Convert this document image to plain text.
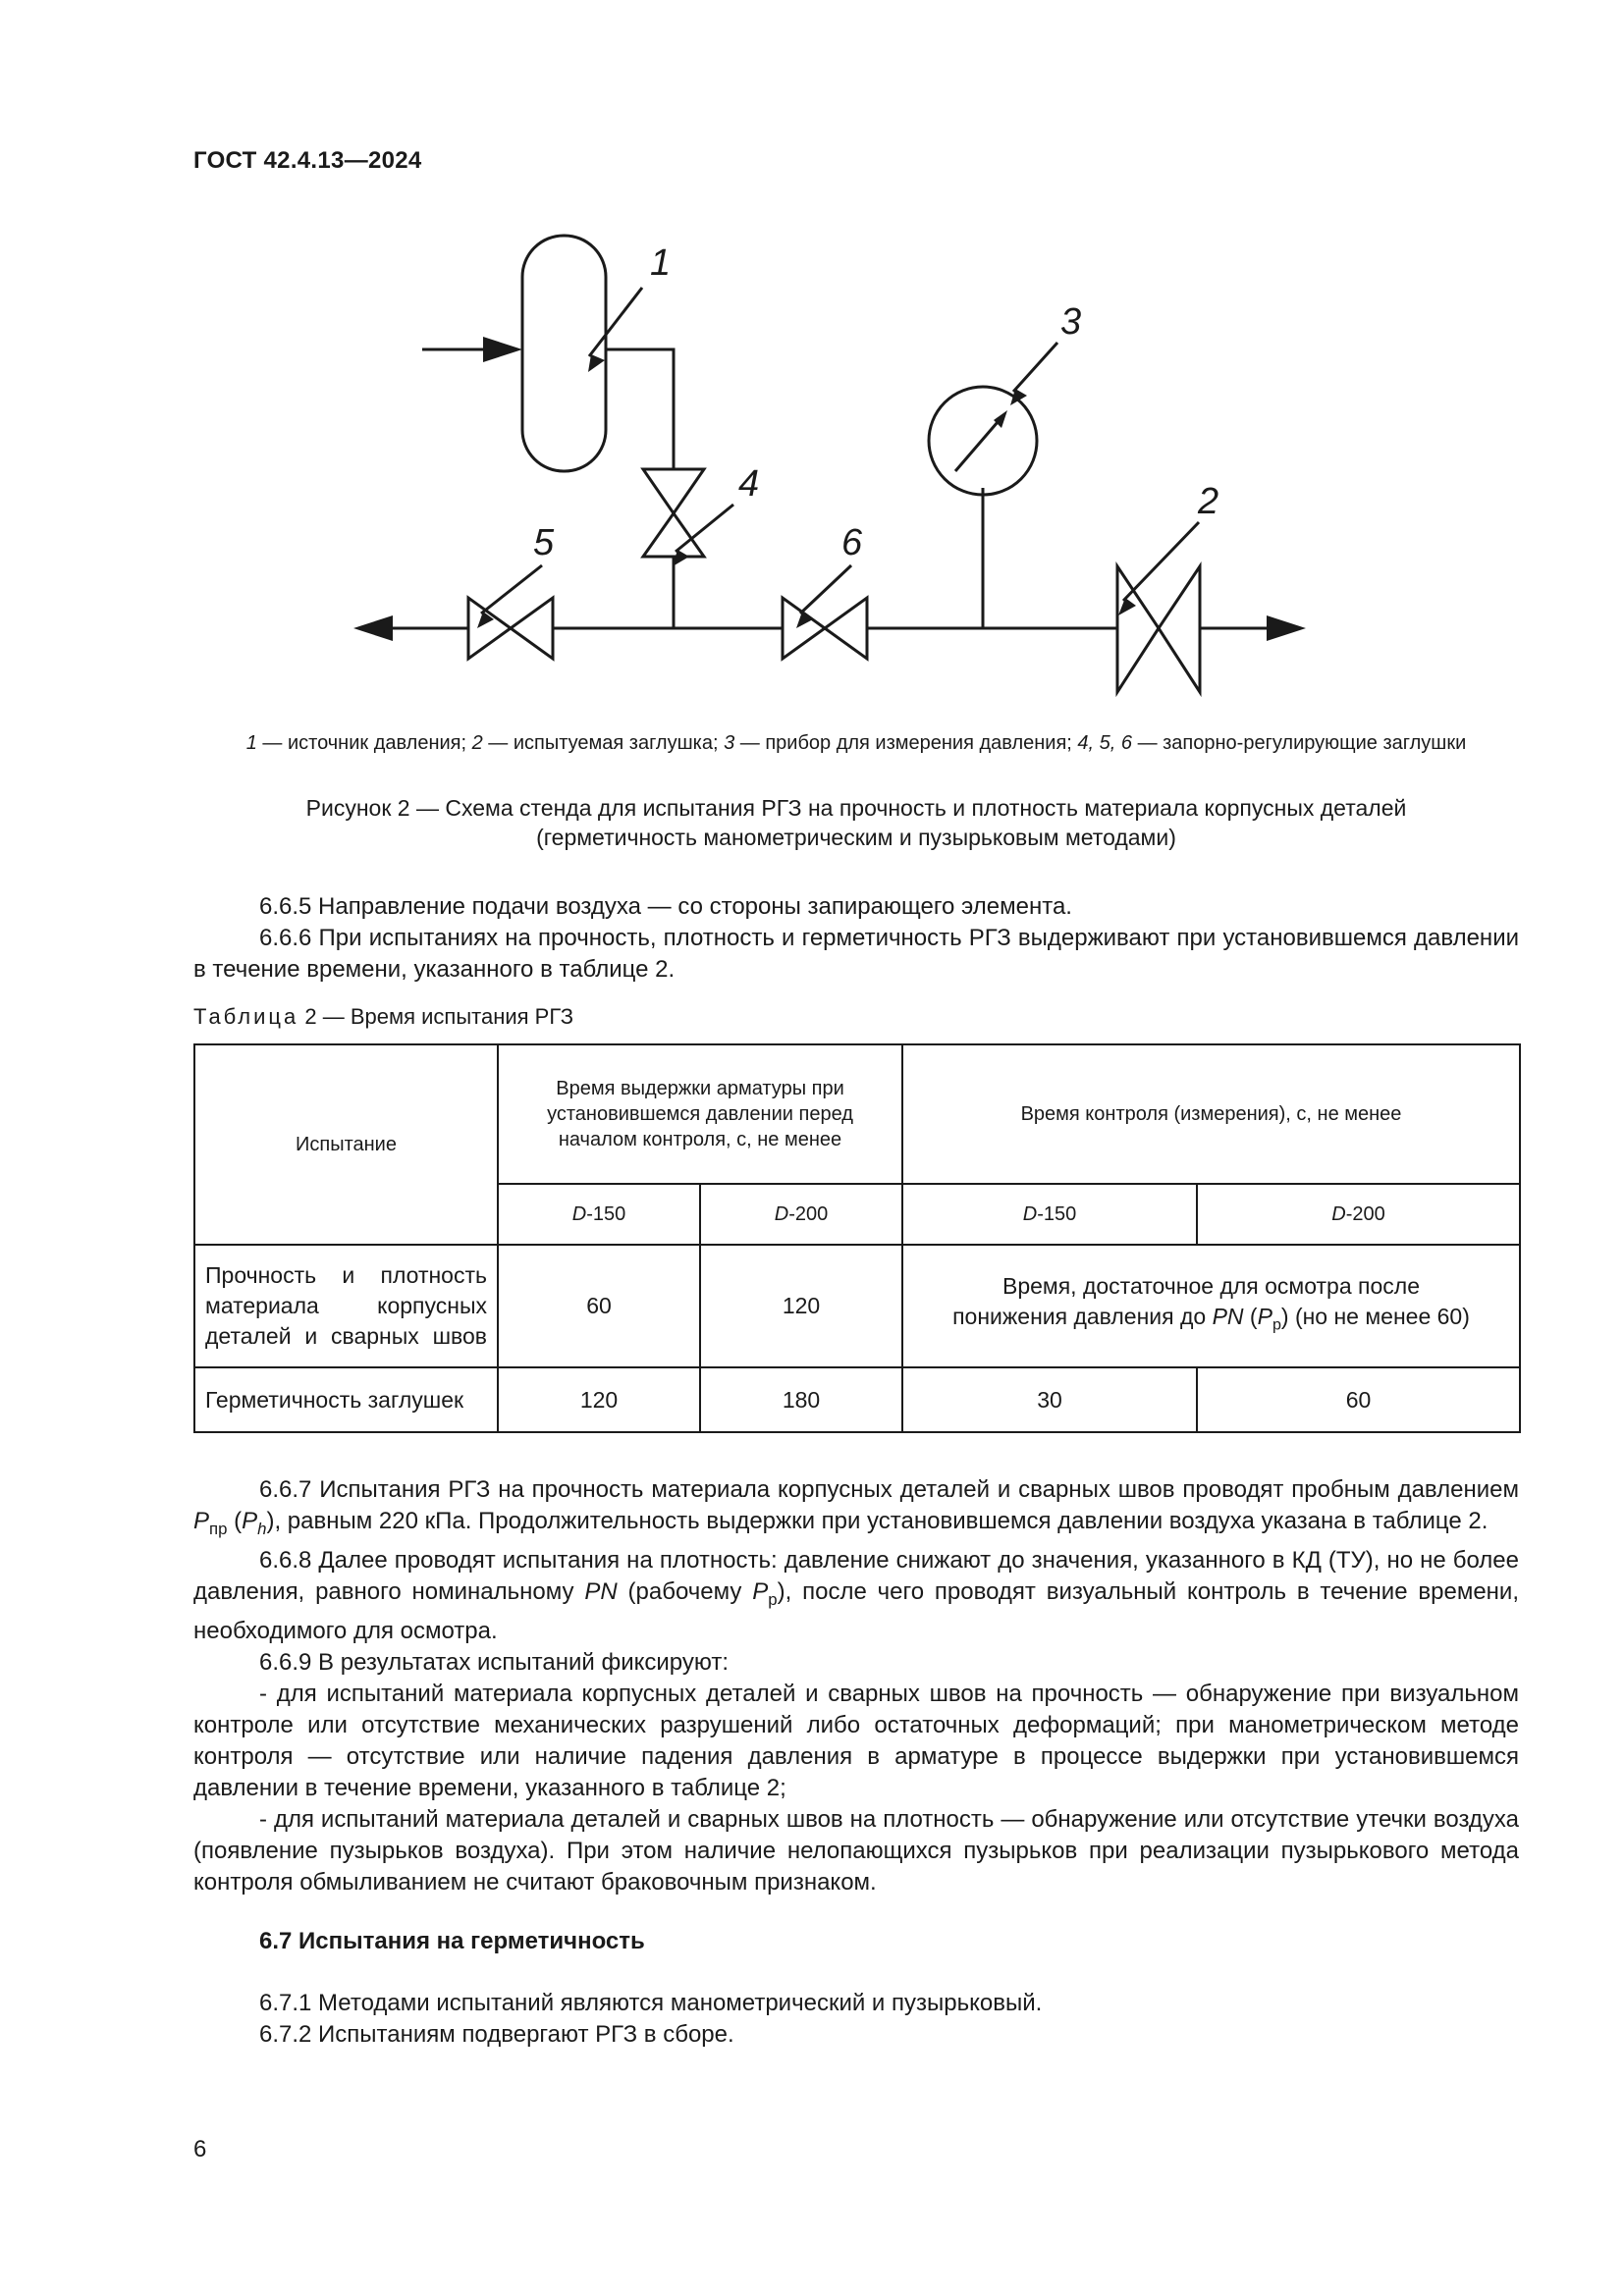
ГОСТ 42.4.13—2024
1
4
3
2
5	6
1 — источник давления; 2 — испытуемая заглушка; 3 — прибор для измерения давления; 4, 5, 6 — запорно-регулирующие заглушки
Рисунок 2 — Схема стенда для испытания РГЗ на прочность и плотность материала корпусных деталей
(герметичность манометрическим и пузырьковым методами)

6.6.5 Направление подачи воздуха — со стороны запирающего элемента.

6.6.6 При испытаниях на прочность, плотность и герметичность РГЗ выдерживают при установившемся давлении в течение времени, указанного в таблице 2.

Таблица 2 — Время испытания РГЗ
Испытание	Время выдержки арматуры при установившемся давлении перед началом контроля, с, не менее		Время контроля (измерения), с, не менее	
	D-150	D-200	D-150	D-200
Прочность и плотность материала корпусных деталей и сварных швов	60	120	Время, достаточное для осмотра после
понижения давления до PN $(P_р)$ (но не менее 60)	

Герметичность заглушек	120	180	30	60

6.6.7 Испытания РГЗ на прочность материала корпусных деталей и сварных швов проводят пробным давлением $P_{пр}$ $(P_h)$, равным 220 кПа. Продолжительность выдержки при установившемся давлении воздуха указана в таблице 2.

6.6.8 Далее проводят испытания на плотность: давление снижают до значения, указанного в КД (ТУ), но не более давления, равного номинальному PN (рабочему $P_р$), после чего проводят визуальный контроль в течение времени, необходимого для осмотра.

6.6.9 В результатах испытаний фиксируют:

- для испытаний материала корпусных деталей и сварных швов на прочность — обнаружение при визуальном контроле или отсутствие механических разрушений либо остаточных деформаций; при манометрическом методе контроля — отсутствие или наличие падения давления в арматуре в процессе выдержки при установившемся давлении в течение времени, указанного в таблице 2;

- для испытаний материала деталей и сварных швов на плотность — обнаружение или отсутствие утечки воздуха (появление пузырьков воздуха). При этом наличие нелопающихся пузырьков при реализации пузырькового метода контроля обмыливанием не считают браковочным признаком.

6.7 Испытания на герметичность

6.7.1 Методами испытаний являются манометрический и пузырьковый.

6.7.2 Испытаниям подвергают РГЗ в сборе.

6
